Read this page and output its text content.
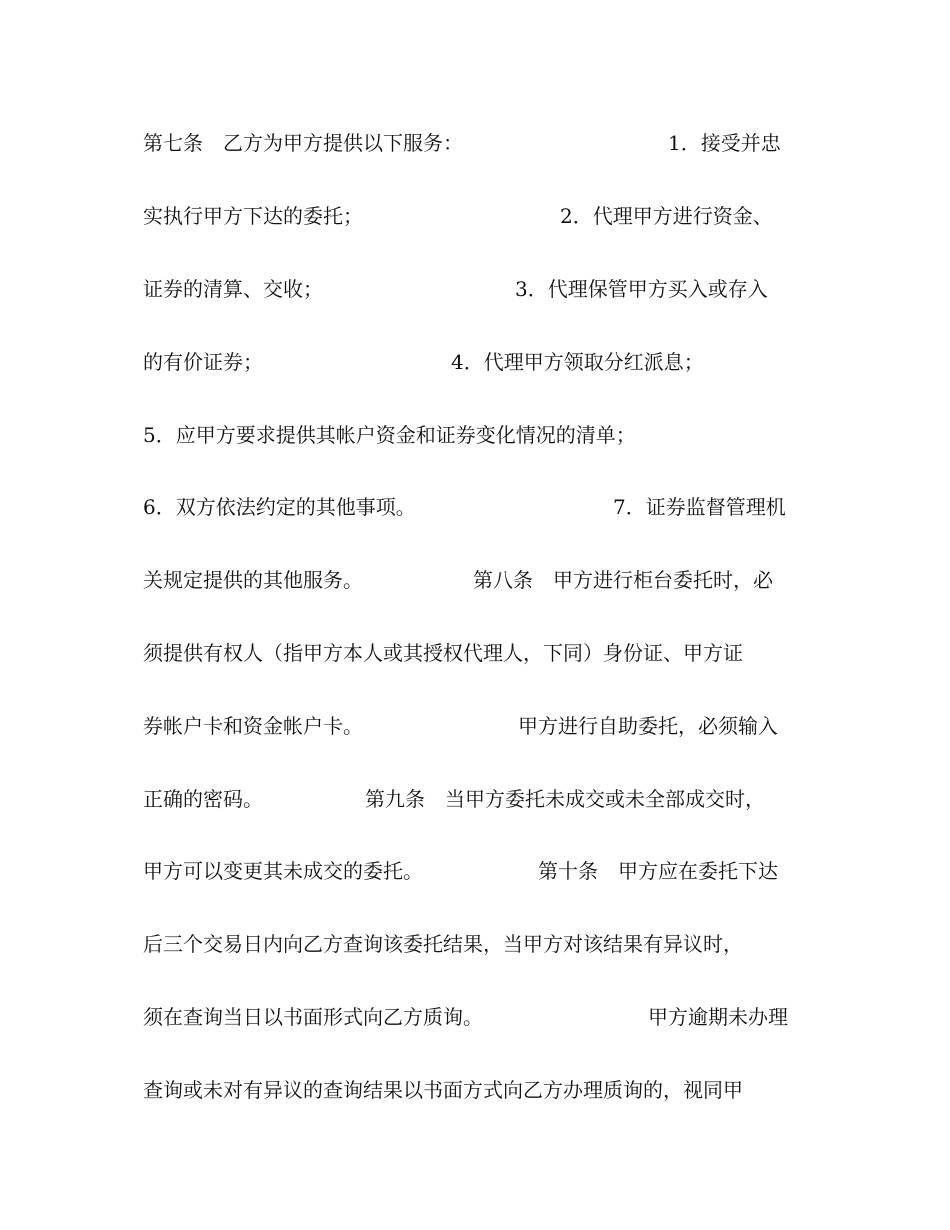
第七条　乙方为甲方提供以下服务：

	1．接受并忠

实执行甲方下达的委托；

	2．代理甲方进行资金、

证券的清算、交收；

	3．代理保管甲方买入或存入

的有价证券；

	4．代理甲方领取分红派息；

5．应甲方要求提供其帐户资金和证券变化情况的清单；

6．双方依法约定的其他事项。

	7．证券监督管理机

关规定提供的其他服务。

	第八条　甲方进行柜台委托时，必

须提供有权人（指甲方本人或其授权代理人，下同）身份证、甲方证

券帐户卡和资金帐户卡。

	甲方进行自助委托，必须输入

正确的密码。

	第九条　当甲方委托未成交或未全部成交时，

甲方可以变更其未成交的委托。

	第十条　甲方应在委托下达

后三个交易日内向乙方查询该委托结果，当甲方对该结果有异议时，

须在查询当日以书面形式向乙方质询。

	甲方逾期未办理

查询或未对有异议的查询结果以书面方式向乙方办理质询的，视同甲
